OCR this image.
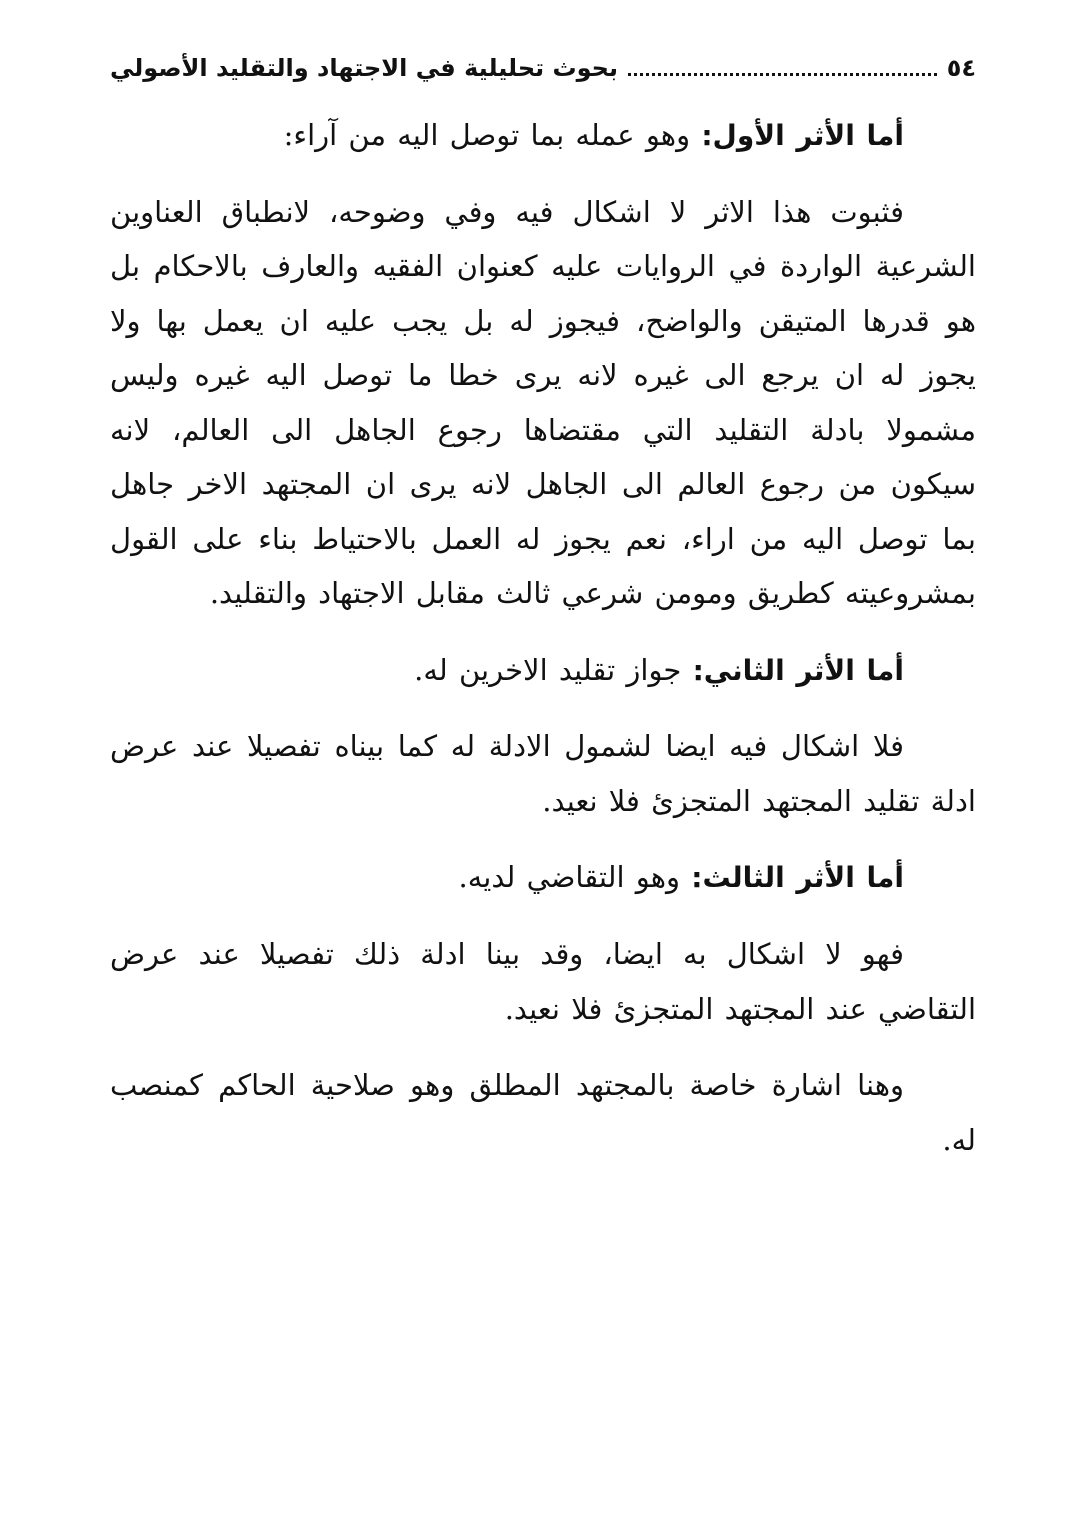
٥٤
بحوث تحليلية في الاجتهاد والتقليد الأصولي

أما الأثر الأول: وهو عمله بما توصل اليه من آراء:

فثبوت هذا الاثر لا اشكال فيه وفي وضوحه، لانطباق العناوين الشرعية الواردة في الروايات عليه كعنوان الفقيه والعارف بالاحكام بل هو قدرها المتيقن والواضح، فيجوز له بل يجب عليه ان يعمل بها ولا يجوز له ان يرجع الى غيره لانه يرى خطا ما توصل اليه غيره وليس مشمولا بادلة التقليد التي مقتضاها رجوع الجاهل الى العالم، لانه سيكون من رجوع العالم الى الجاهل لانه يرى ان المجتهد الاخر جاهل بما توصل اليه من اراء، نعم يجوز له العمل بالاحتياط بناء على القول بمشروعيته كطريق ومومن شرعي ثالث مقابل الاجتهاد والتقليد.

أما الأثر الثاني: جواز تقليد الاخرين له.

فلا اشكال فيه ايضا لشمول الادلة له كما بيناه تفصيلا عند عرض ادلة تقليد المجتهد المتجزئ فلا نعيد.

أما الأثر الثالث: وهو التقاضي لديه.

فهو لا اشكال به ايضا، وقد بينا ادلة ذلك تفصيلا عند عرض التقاضي عند المجتهد المتجزئ فلا نعيد.

وهنا اشارة خاصة بالمجتهد المطلق وهو صلاحية الحاكم كمنصب له.
